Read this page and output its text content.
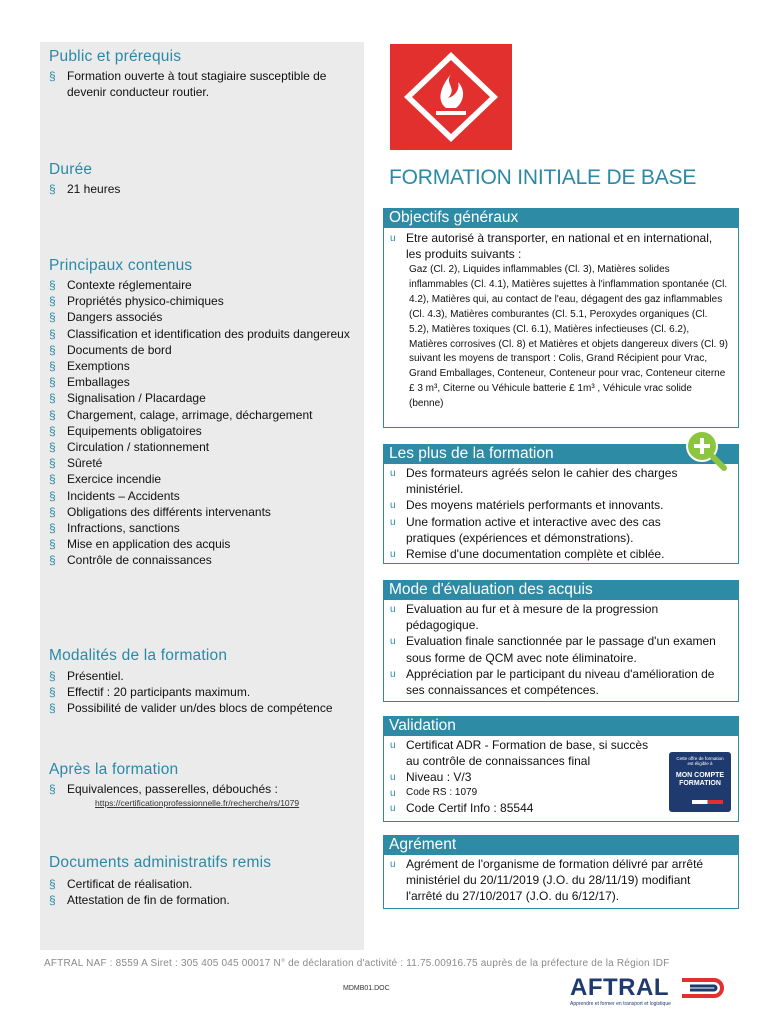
Public et prérequis
§ Formation ouverte à tout stagiaire susceptible de devenir conducteur routier.
Durée
§ 21 heures
Principaux contenus
§ Contexte réglementaire
§ Propriétés physico-chimiques
§ Dangers associés
§ Classification et identification des produits dangereux
§ Documents de bord
§ Exemptions
§ Emballages
§ Signalisation / Placardage
§ Chargement, calage, arrimage, déchargement
§ Equipements obligatoires
§ Circulation / stationnement
§ Sûreté
§ Exercice incendie
§ Incidents – Accidents
§ Obligations des différents intervenants
§ Infractions, sanctions
§ Mise en application des acquis
§ Contrôle de connaissances
Modalités de la formation
§ Présentiel.
§ Effectif : 20 participants maximum.
§ Possibilité de valider un/des blocs de compétence
Après la formation
§ Equivalences, passerelles, débouchés :
https://certificationprofessionnelle.fr/recherche/rs/1079
Documents administratifs remis
§ Certificat de réalisation.
§ Attestation de fin de formation.
FORMATION INITIALE DE BASE
Objectifs généraux
u Etre autorisé à transporter, en national et en international, les produits suivants :
Gaz (Cl. 2), Liquides inflammables (Cl. 3), Matières solides inflammables (Cl. 4.1), Matières sujettes à l'inflammation spontanée (Cl. 4.2), Matières qui, au contact de l'eau, dégagent des gaz inflammables (Cl. 4.3), Matières comburantes (Cl. 5.1, Peroxydes organiques (Cl. 5.2), Matières toxiques (Cl. 6.1), Matières infectieuses (Cl. 6.2), Matières corrosives (Cl. 8) et Matières et objets dangereux divers (Cl. 9) suivant les moyens de transport : Colis, Grand Récipient pour Vrac, Grand Emballages, Conteneur, Conteneur pour vrac, Conteneur citerne £ 3 m³, Citerne ou Véhicule batterie £ 1m³ , Véhicule vrac solide (benne)
Les plus de la formation
u Des formateurs agréés selon le cahier des charges ministériel.
u Des moyens matériels performants et innovants.
u Une formation active et interactive avec des cas pratiques (expériences et démonstrations).
u Remise d'une documentation complète et ciblée.
Mode d'évaluation des acquis
u Evaluation au fur et à mesure de la progression pédagogique.
u Evaluation finale sanctionnée par le passage d'un examen sous forme de QCM avec note éliminatoire.
u Appréciation par le participant du niveau d'amélioration de ses connaissances et compétences.
Validation
u Certificat ADR - Formation de base, si succès au contrôle de connaissances final
u Niveau : V/3
u Code RS : 1079
u Code Certif Info : 85544
Cette offre de formation est éligible à
MON COMPTE FORMATION
Agrément
u Agrément de l'organisme de formation délivré par arrêté ministériel du 20/11/2019 (J.O. du 28/11/19) modifiant l'arrêté du 27/10/2017 (J.O. du 6/12/17).
AFTRAL NAF : 8559 A Siret : 305 405 045 00017 N° de déclaration d'activité : 11.75.00916.75 auprès de la préfecture de la Région IDF
MDMB01.DOC	AFTRAL
Apprendre et former en transport et logistique
